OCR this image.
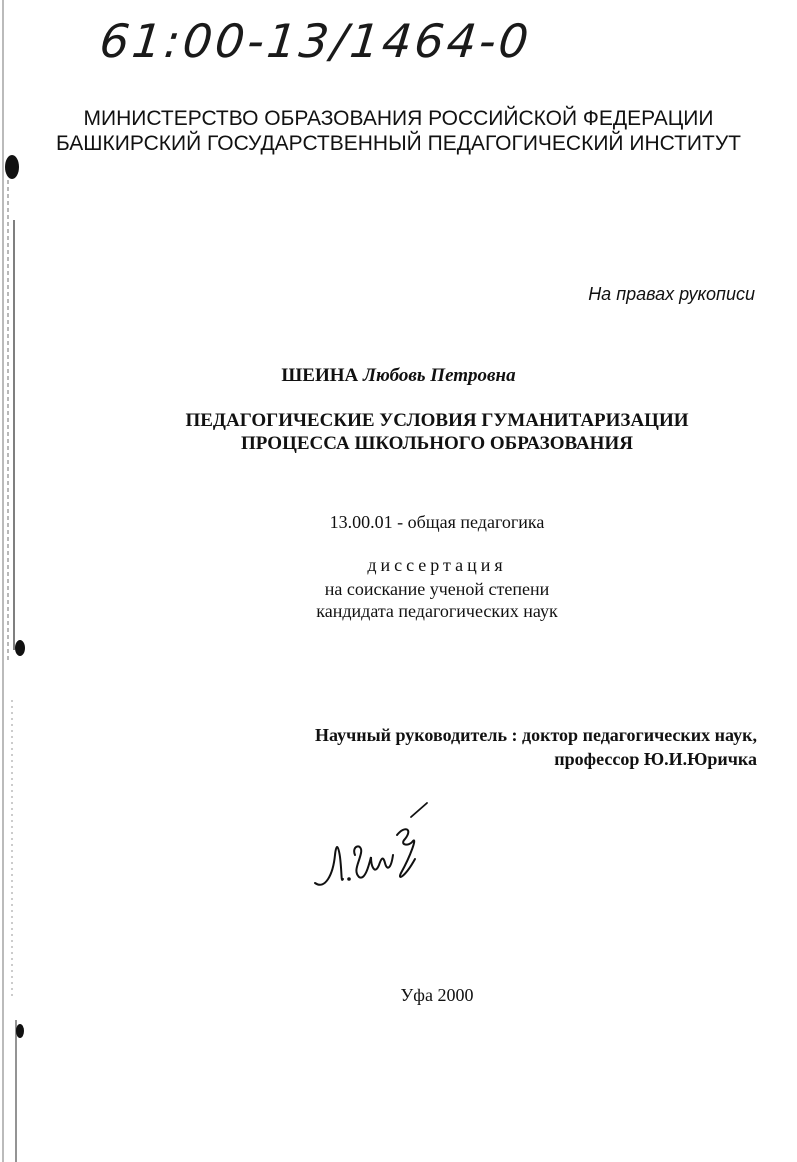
61:00-13/1464-0
МИНИСТЕРСТВО ОБРАЗОВАНИЯ РОССИЙСКОЙ ФЕДЕРАЦИИ
БАШКИРСКИЙ ГОСУДАРСТВЕННЫЙ ПЕДАГОГИЧЕСКИЙ ИНСТИТУТ
На правах рукописи
ШЕИНА Любовь Петровна
ПЕДАГОГИЧЕСКИЕ УСЛОВИЯ ГУМАНИТАРИЗАЦИИ
ПРОЦЕССА ШКОЛЬНОГО ОБРАЗОВАНИЯ
13.00.01 - общая педагогика
диссертация
на соискание ученой степени
кандидата педагогических наук
Научный руководитель : доктор педагогических наук,
профессор Ю.И.Юричка
Уфа 2000
